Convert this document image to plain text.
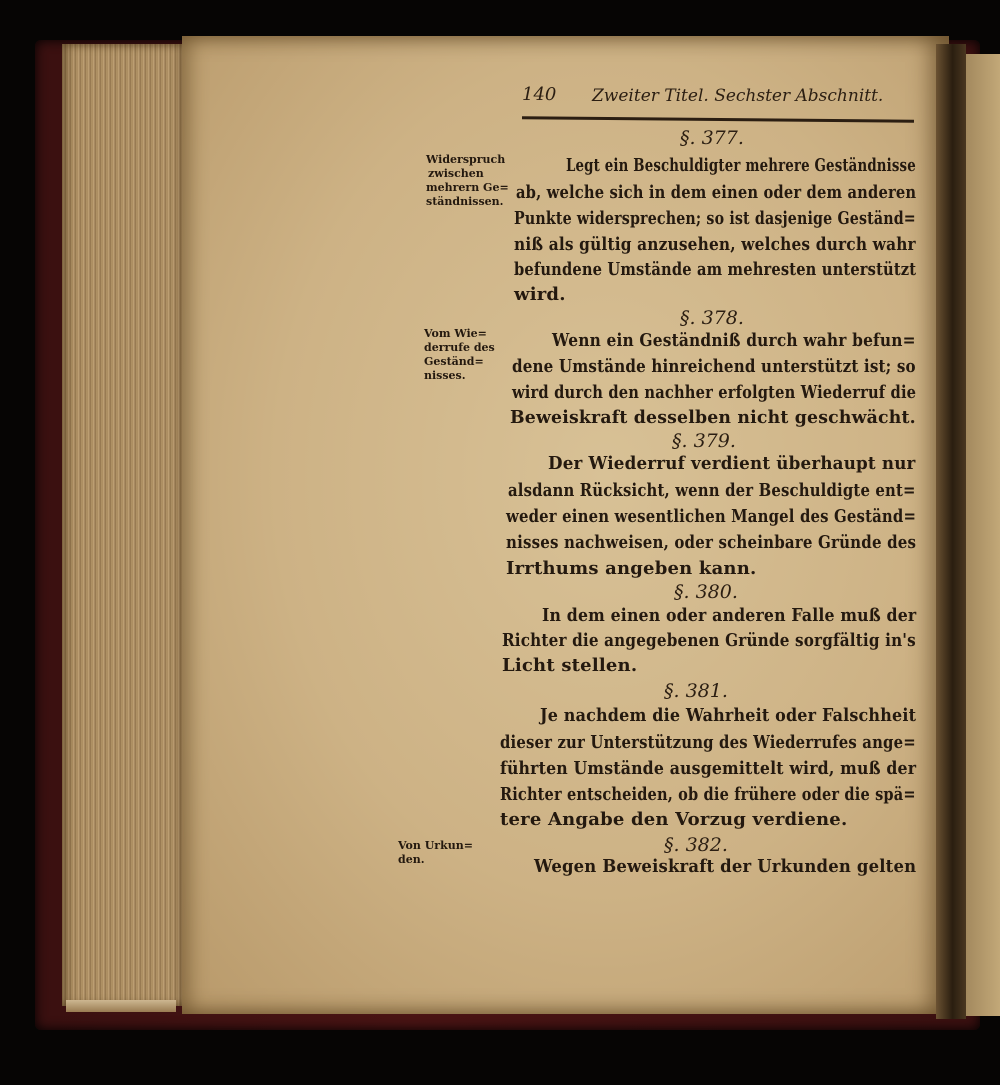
140 Zweiter Titel. Sechster Abschnitt.
Widerspruch
zwischen
mehrern Ge=
ständnissen.
Vom Wie=
derrufe des
Geständ=
nisses.
Von Urkun=
den.
§. 377.
Legt ein Beschuldigter mehrere Geständnisse
ab, welche sich in dem einen oder dem anderen
Punkte widersprechen; so ist dasjenige Geständ=
niß als gültig anzusehen, welches durch wahr
befundene Umstände am mehresten unterstützt
wird.
§. 378.
Wenn ein Geständniß durch wahr befun=
dene Umstände hinreichend unterstützt ist; so
wird durch den nachher erfolgten Wiederruf die
Beweiskraft desselben nicht geschwächt.
§. 379.
Der Wiederruf verdient überhaupt nur
alsdann Rücksicht, wenn der Beschuldigte ent=
weder einen wesentlichen Mangel des Geständ=
nisses nachweisen, oder scheinbare Gründe des
Irrthums angeben kann.
§. 380.
In dem einen oder anderen Falle muß der
Richter die angegebenen Gründe sorgfältig in's
Licht stellen.
§. 381.
Je nachdem die Wahrheit oder Falschheit
dieser zur Unterstützung des Wiederrufes ange=
führten Umstände ausgemittelt wird, muß der
Richter entscheiden, ob die frühere oder die spä=
tere Angabe den Vorzug verdiene.
§. 382.
Wegen Beweiskraft der Urkunden gelten
